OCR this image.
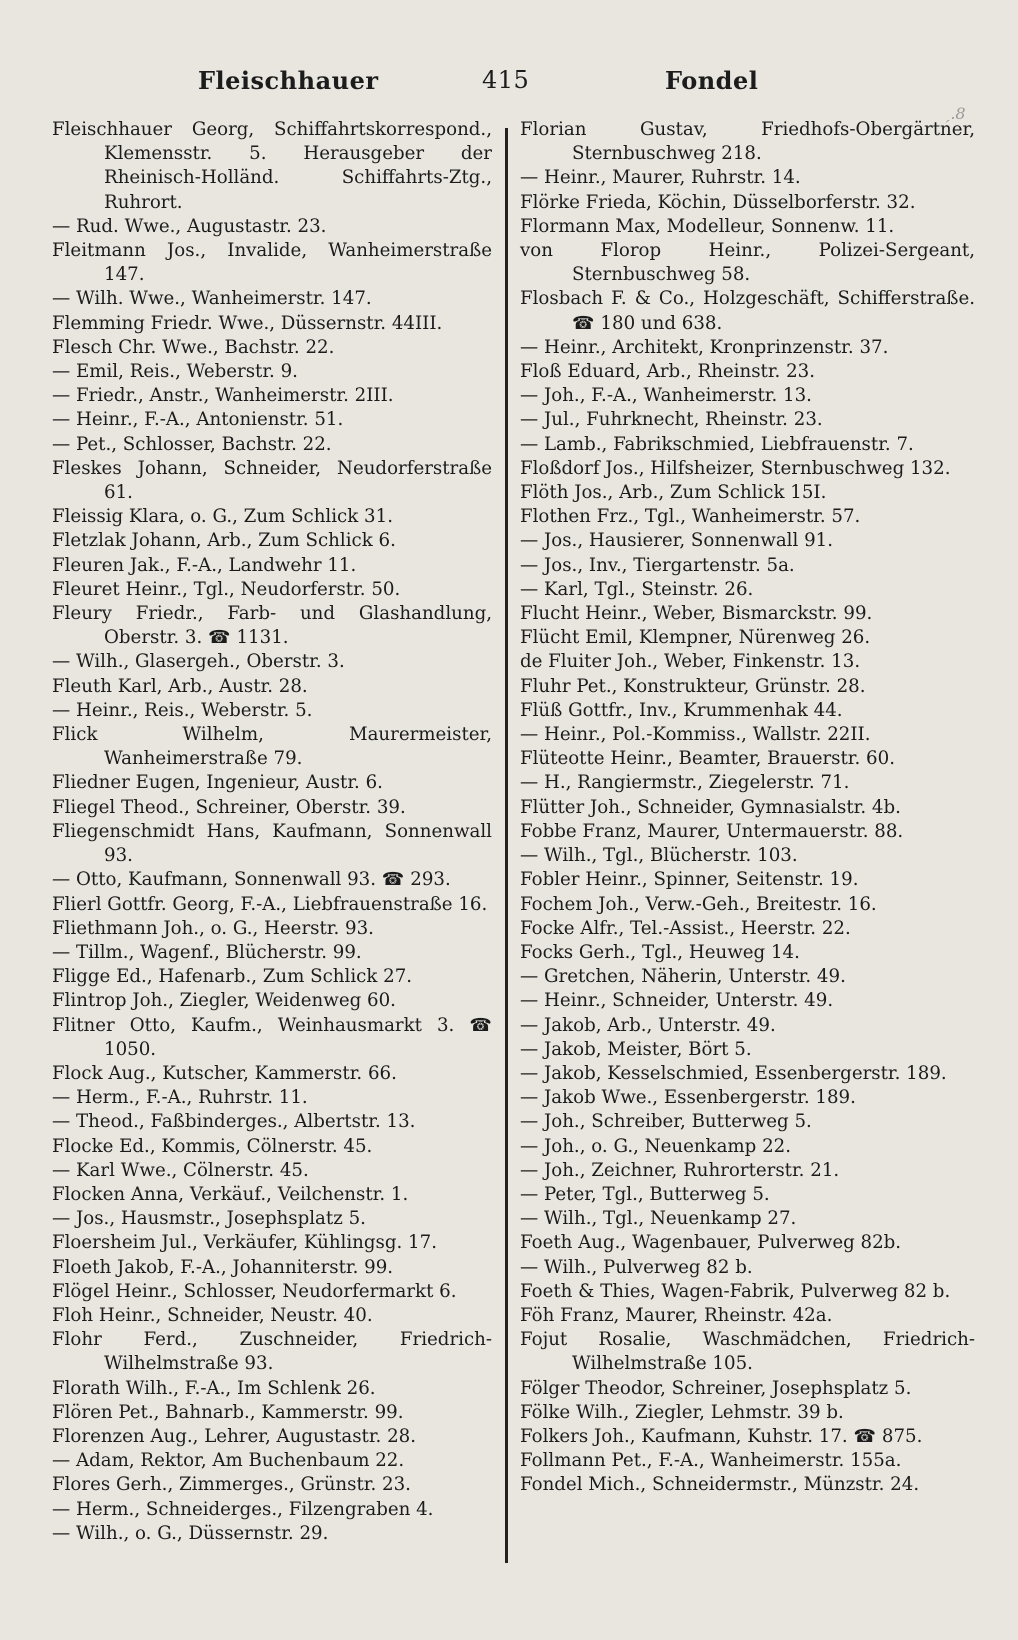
Fleischhauer	415	Fondel
ˏ.8
Fleischhauer Georg, Schiffahrtskorrespond., Klemensstr. 5. Herausgeber der Rheinisch-Holländ. Schiffahrts-Ztg., Ruhrort.
— Rud. Wwe., Augustastr. 23.
Fleitmann Jos., Invalide, Wanheimerstraße 147.
— Wilh. Wwe., Wanheimerstr. 147.
Flemming Friedr. Wwe., Düssernstr. 44III.
Flesch Chr. Wwe., Bachstr. 22.
— Emil, Reis., Weberstr. 9.
— Friedr., Anstr., Wanheimerstr. 2III.
— Heinr., F.-A., Antonienstr. 51.
— Pet., Schlosser, Bachstr. 22.
Fleskes Johann, Schneider, Neudorferstraße 61.
Fleissig Klara, o. G., Zum Schlick 31.
Fletzlak Johann, Arb., Zum Schlick 6.
Fleuren Jak., F.-A., Landwehr 11.
Fleuret Heinr., Tgl., Neudorferstr. 50.
Fleury Friedr., Farb- und Glashandlung, Oberstr. 3. ☎ 1131.
— Wilh., Glasergeh., Oberstr. 3.
Fleuth Karl, Arb., Austr. 28.
— Heinr., Reis., Weberstr. 5.
Flick Wilhelm, Maurermeister, Wanheimerstraße 79.
Fliedner Eugen, Ingenieur, Austr. 6.
Fliegel Theod., Schreiner, Oberstr. 39.
Fliegenschmidt Hans, Kaufmann, Sonnenwall 93.
— Otto, Kaufmann, Sonnenwall 93. ☎ 293.
Flierl Gottfr. Georg, F.-A., Liebfrauenstraße 16.
Fliethmann Joh., o. G., Heerstr. 93.
— Tillm., Wagenf., Blücherstr. 99.
Fligge Ed., Hafenarb., Zum Schlick 27.
Flintrop Joh., Ziegler, Weidenweg 60.
Flitner Otto, Kaufm., Weinhausmarkt 3. ☎ 1050.
Flock Aug., Kutscher, Kammerstr. 66.
— Herm., F.-A., Ruhrstr. 11.
— Theod., Faßbinderges., Albertstr. 13.
Flocke Ed., Kommis, Cölnerstr. 45.
— Karl Wwe., Cölnerstr. 45.
Flocken Anna, Verkäuf., Veilchenstr. 1.
— Jos., Hausmstr., Josephsplatz 5.
Floersheim Jul., Verkäufer, Kühlingsg. 17.
Floeth Jakob, F.-A., Johanniterstr. 99.
Flögel Heinr., Schlosser, Neudorfermarkt 6.
Floh Heinr., Schneider, Neustr. 40.
Flohr Ferd., Zuschneider, Friedrich-Wilhelmstraße 93.
Florath Wilh., F.-A., Im Schlenk 26.
Flören Pet., Bahnarb., Kammerstr. 99.
Florenzen Aug., Lehrer, Augustastr. 28.
— Adam, Rektor, Am Buchenbaum 22.
Flores Gerh., Zimmerges., Grünstr. 23.
— Herm., Schneiderges., Filzengraben 4.
— Wilh., o. G., Düssernstr. 29.
Florian Gustav, Friedhofs-Obergärtner, Sternbuschweg 218.
— Heinr., Maurer, Ruhrstr. 14.
Flörke Frieda, Köchin, Düsselborferstr. 32.
Flormann Max, Modelleur, Sonnenw. 11.
von Florop Heinr., Polizei-Sergeant, Sternbuschweg 58.
Flosbach F. & Co., Holzgeschäft, Schifferstraße. ☎ 180 und 638.
— Heinr., Architekt, Kronprinzenstr. 37.
Floß Eduard, Arb., Rheinstr. 23.
— Joh., F.-A., Wanheimerstr. 13.
— Jul., Fuhrknecht, Rheinstr. 23.
— Lamb., Fabrikschmied, Liebfrauenstr. 7.
Floßdorf Jos., Hilfsheizer, Sternbuschweg 132.
Flöth Jos., Arb., Zum Schlick 15I.
Flothen Frz., Tgl., Wanheimerstr. 57.
— Jos., Hausierer, Sonnenwall 91.
— Jos., Inv., Tiergartenstr. 5a.
— Karl, Tgl., Steinstr. 26.
Flucht Heinr., Weber, Bismarckstr. 99.
Flücht Emil, Klempner, Nürenweg 26.
de Fluiter Joh., Weber, Finkenstr. 13.
Fluhr Pet., Konstrukteur, Grünstr. 28.
Flüß Gottfr., Inv., Krummenhak 44.
— Heinr., Pol.-Kommiss., Wallstr. 22II.
Flüteotte Heinr., Beamter, Brauerstr. 60.
— H., Rangiermstr., Ziegelerstr. 71.
Flütter Joh., Schneider, Gymnasialstr. 4b.
Fobbe Franz, Maurer, Untermauerstr. 88.
— Wilh., Tgl., Blücherstr. 103.
Fobler Heinr., Spinner, Seitenstr. 19.
Fochem Joh., Verw.-Geh., Breitestr. 16.
Focke Alfr., Tel.-Assist., Heerstr. 22.
Focks Gerh., Tgl., Heuweg 14.
— Gretchen, Näherin, Unterstr. 49.
— Heinr., Schneider, Unterstr. 49.
— Jakob, Arb., Unterstr. 49.
— Jakob, Meister, Bört 5.
— Jakob, Kesselschmied, Essenbergerstr. 189.
— Jakob Wwe., Essenbergerstr. 189.
— Joh., Schreiber, Butterweg 5.
— Joh., o. G., Neuenkamp 22.
— Joh., Zeichner, Ruhrorterstr. 21.
— Peter, Tgl., Butterweg 5.
— Wilh., Tgl., Neuenkamp 27.
Foeth Aug., Wagenbauer, Pulverweg 82b.
— Wilh., Pulverweg 82 b.
Foeth & Thies, Wagen-Fabrik, Pulverweg 82 b.
Föh Franz, Maurer, Rheinstr. 42a.
Fojut Rosalie, Waschmädchen, Friedrich-Wilhelmstraße 105.
Fölger Theodor, Schreiner, Josephsplatz 5.
Fölke Wilh., Ziegler, Lehmstr. 39 b.
Folkers Joh., Kaufmann, Kuhstr. 17. ☎ 875.
Follmann Pet., F.-A., Wanheimerstr. 155a.
Fondel Mich., Schneidermstr., Münzstr. 24.
